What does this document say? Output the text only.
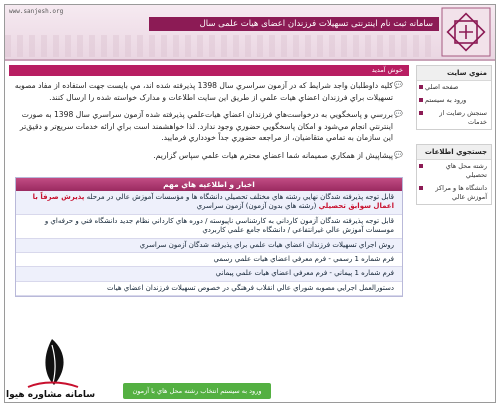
www.sanjesh.org
سامانه ثبت نام اینترنتی تسهیلات فرزندان اعضای هیات علمی سال
خوش آمديد

💬
کليه داوطلبان واجد شرايط که در آزمون سراسري سال 1398 پذيرفته شده اند، مي بايست جهت استفاده از مفاد مصوبه تسهيلات براي فرزندان اعضاي هيات علمي از طريق اين سايت اطلاعات و مدارک خواسته شده را ارسال کنند.

💬
بررسي و پاسخگويي به درخواست‌هاي فرزندان اعضاي هيات‌علمي پذيرفته شده آزمون سراسري سال 1398 به صورت اينترنتي انجام مي‌شود و امکان پاسخگويي حضوري وجود ندارد. لذا خواهشمند است براي ارائه خدمات سريع‌تر و دقيق‌تر اين سازمان به تمامي متقاضيان، از مراجعه حضوري جداً خودداري فرماييد.

💬
پيشاپيش از همکاري صميمانه شما اعضاي محترم هيات علمي سپاس گزاريم.

اخبار و اطلاعيه هاي مهم
قابل توجه پذيرفته شدگان نهايي رشته هاي مختلف تحصيلي دانشگاه ها و مؤسسات آموزش عالي در مرحله پذيرش صرفاً با اعمال سوابق تحصيلي (رشته هاي بدون آزمون) آزمون سراسري
قابل توجه پذيرفته شدگان آزمون کارداني به کارشناسي ناپيوسته / دوره هاي کارداني نظام جديد دانشگاه فني و حرفه‌اي و موسسات آموزش عالي غيرانتفاعي / دانشگاه جامع علمي کاربردي
روش اجراي تسهيلات فرزندان اعضاي هيات علمي براي پذيرفته شدگان آزمون سراسري
فرم شماره 1 رسمي - فرم معرفي اعضاي هيات علمي رسمي
فرم شماره 1 پيماني - فرم معرفي اعضاي هيات علمي پيماني
دستورالعمل اجرايي مصوبه شوراي عالي انقلاب فرهنگي در خصوص تسهيلات فرزندان اعضاي هيات
منوي سايت
صفحه اصلي
ورود به سيستم
سنجش رضايت از خدمات
جستجوي اطلاعات
رشته محل هاي تحصيلي
دانشگاه ها و مراکز آموزش عالي
ورود به سيستم انتخاب رشته محل هاي با آزمون
سامانه مشاوره هیوا
